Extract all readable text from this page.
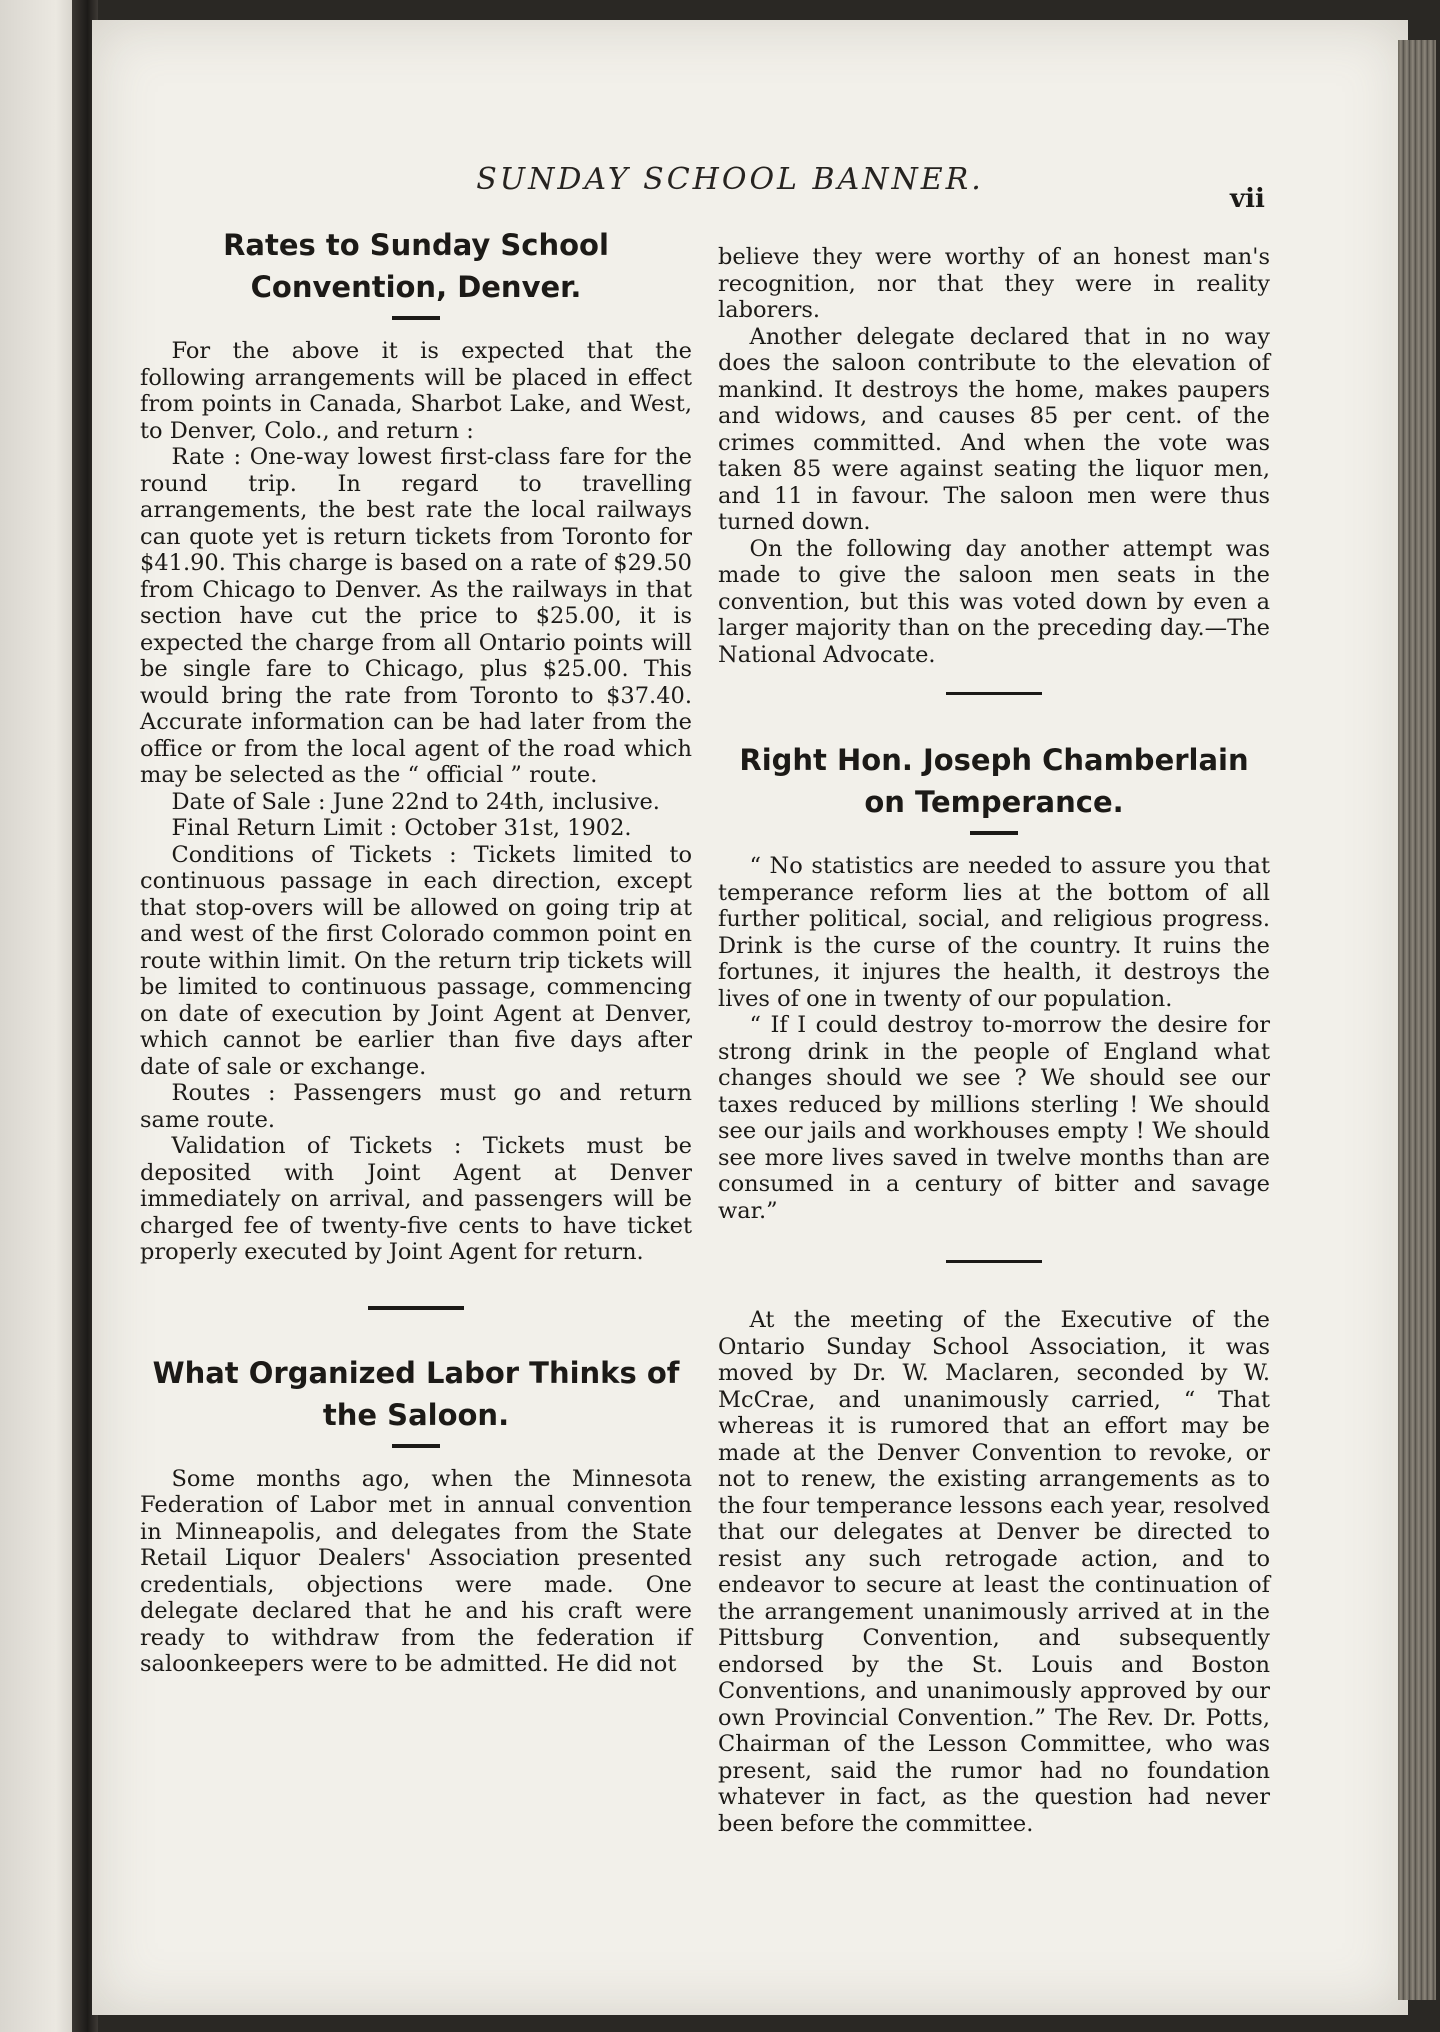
SUNDAY SCHOOL BANNER.
vii
Rates to Sunday School Convention, Denver.

For the above it is expected that the following arrangements will be placed in effect from points in Canada, Sharbot Lake, and West, to Denver, Colo., and return :

Rate : One-way lowest first-class fare for the round trip. In regard to travelling arrangements, the best rate the local railways can quote yet is return tickets from Toronto for $41.90. This charge is based on a rate of $29.50 from Chicago to Denver. As the railways in that section have cut the price to $25.00, it is expected the charge from all Ontario points will be single fare to Chicago, plus $25.00. This would bring the rate from Toronto to $37.40. Accurate information can be had later from the office or from the local agent of the road which may be selected as the “ official ” route.

Date of Sale : June 22nd to 24th, inclusive.

Final Return Limit : October 31st, 1902.

Conditions of Tickets : Tickets limited to continuous passage in each direction, except that stop-overs will be allowed on going trip at and west of the first Colorado common point en route within limit. On the return trip tickets will be limited to continuous passage, commencing on date of execution by Joint Agent at Denver, which cannot be earlier than five days after date of sale or exchange.

Routes : Passengers must go and return same route.

Validation of Tickets : Tickets must be deposited with Joint Agent at Denver immediately on arrival, and passengers will be charged fee of twenty-five cents to have ticket properly executed by Joint Agent for return.

What Organized Labor Thinks of the Saloon.

Some months ago, when the Minnesota Federation of Labor met in annual convention in Minneapolis, and delegates from the State Retail Liquor Dealers' Association presented credentials, objections were made. One delegate declared that he and his craft were ready to withdraw from the federation if saloonkeepers were to be admitted. He did not

believe they were worthy of an honest man's recognition, nor that they were in reality laborers.

Another delegate declared that in no way does the saloon contribute to the elevation of mankind. It destroys the home, makes paupers and widows, and causes 85 per cent. of the crimes committed. And when the vote was taken 85 were against seating the liquor men, and 11 in favour. The saloon men were thus turned down.

On the following day another attempt was made to give the saloon men seats in the convention, but this was voted down by even a larger majority than on the preceding day.—The National Advocate.

Right Hon. Joseph Chamberlain on Temperance.

“ No statistics are needed to assure you that temperance reform lies at the bottom of all further political, social, and religious progress. Drink is the curse of the country. It ruins the fortunes, it injures the health, it destroys the lives of one in twenty of our population.

“ If I could destroy to-morrow the desire for strong drink in the people of England what changes should we see ? We should see our taxes reduced by millions sterling ! We should see our jails and workhouses empty ! We should see more lives saved in twelve months than are consumed in a century of bitter and savage war.”

At the meeting of the Executive of the Ontario Sunday School Association, it was moved by Dr. W. Maclaren, seconded by W. McCrae, and unanimously carried, “ That whereas it is rumored that an effort may be made at the Denver Convention to revoke, or not to renew, the existing arrangements as to the four temperance lessons each year, resolved that our delegates at Denver be directed to resist any such retrogade action, and to endeavor to secure at least the continuation of the arrangement unanimously arrived at in the Pittsburg Convention, and subsequently endorsed by the St. Louis and Boston Conventions, and unanimously approved by our own Provincial Convention.” The Rev. Dr. Potts, Chairman of the Lesson Committee, who was present, said the rumor had no foundation whatever in fact, as the question had never been before the committee.
